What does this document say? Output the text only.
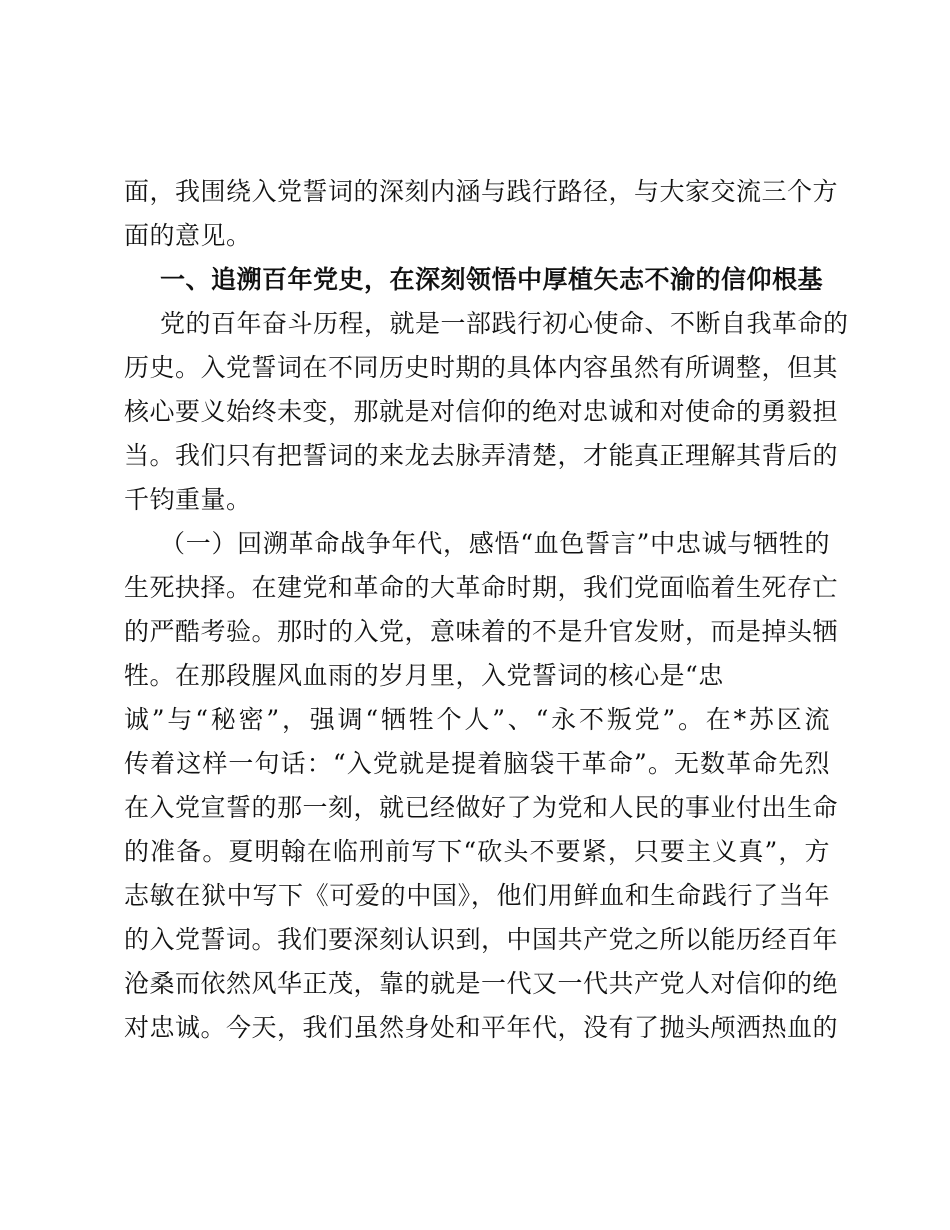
面，我围绕入党誓词的深刻内涵与践行路径，与大家交流三个方
面的意见。
一、追溯百年党史，在深刻领悟中厚植矢志不渝的信仰根基
党的百年奋斗历程，就是一部践行初心使命、不断自我革命的
历史。入党誓词在不同历史时期的具体内容虽然有所调整，但其
核心要义始终未变，那就是对信仰的绝对忠诚和对使命的勇毅担
当。我们只有把誓词的来龙去脉弄清楚，才能真正理解其背后的
千钧重量。
（一）回溯革命战争年代，感悟“血色誓言”中忠诚与牺牲的
生死抉择。在建党和革命的大革命时期，我们党面临着生死存亡
的严酷考验。那时的入党，意味着的不是升官发财，而是掉头牺
牲。在那段腥风血雨的岁月里，入党誓词的核心是“忠
诚”与“秘密”，强调“牺牲个人”、“永不叛党”。在*苏区流
传着这样一句话：“入党就是提着脑袋干革命”。无数革命先烈
在入党宣誓的那一刻，就已经做好了为党和人民的事业付出生命
的准备。夏明翰在临刑前写下“砍头不要紧，只要主义真”，方
志敏在狱中写下《可爱的中国》，他们用鲜血和生命践行了当年
的入党誓词。我们要深刻认识到，中国共产党之所以能历经百年
沧桑而依然风华正茂，靠的就是一代又一代共产党人对信仰的绝
对忠诚。今天，我们虽然身处和平年代，没有了抛头颅洒热血的
